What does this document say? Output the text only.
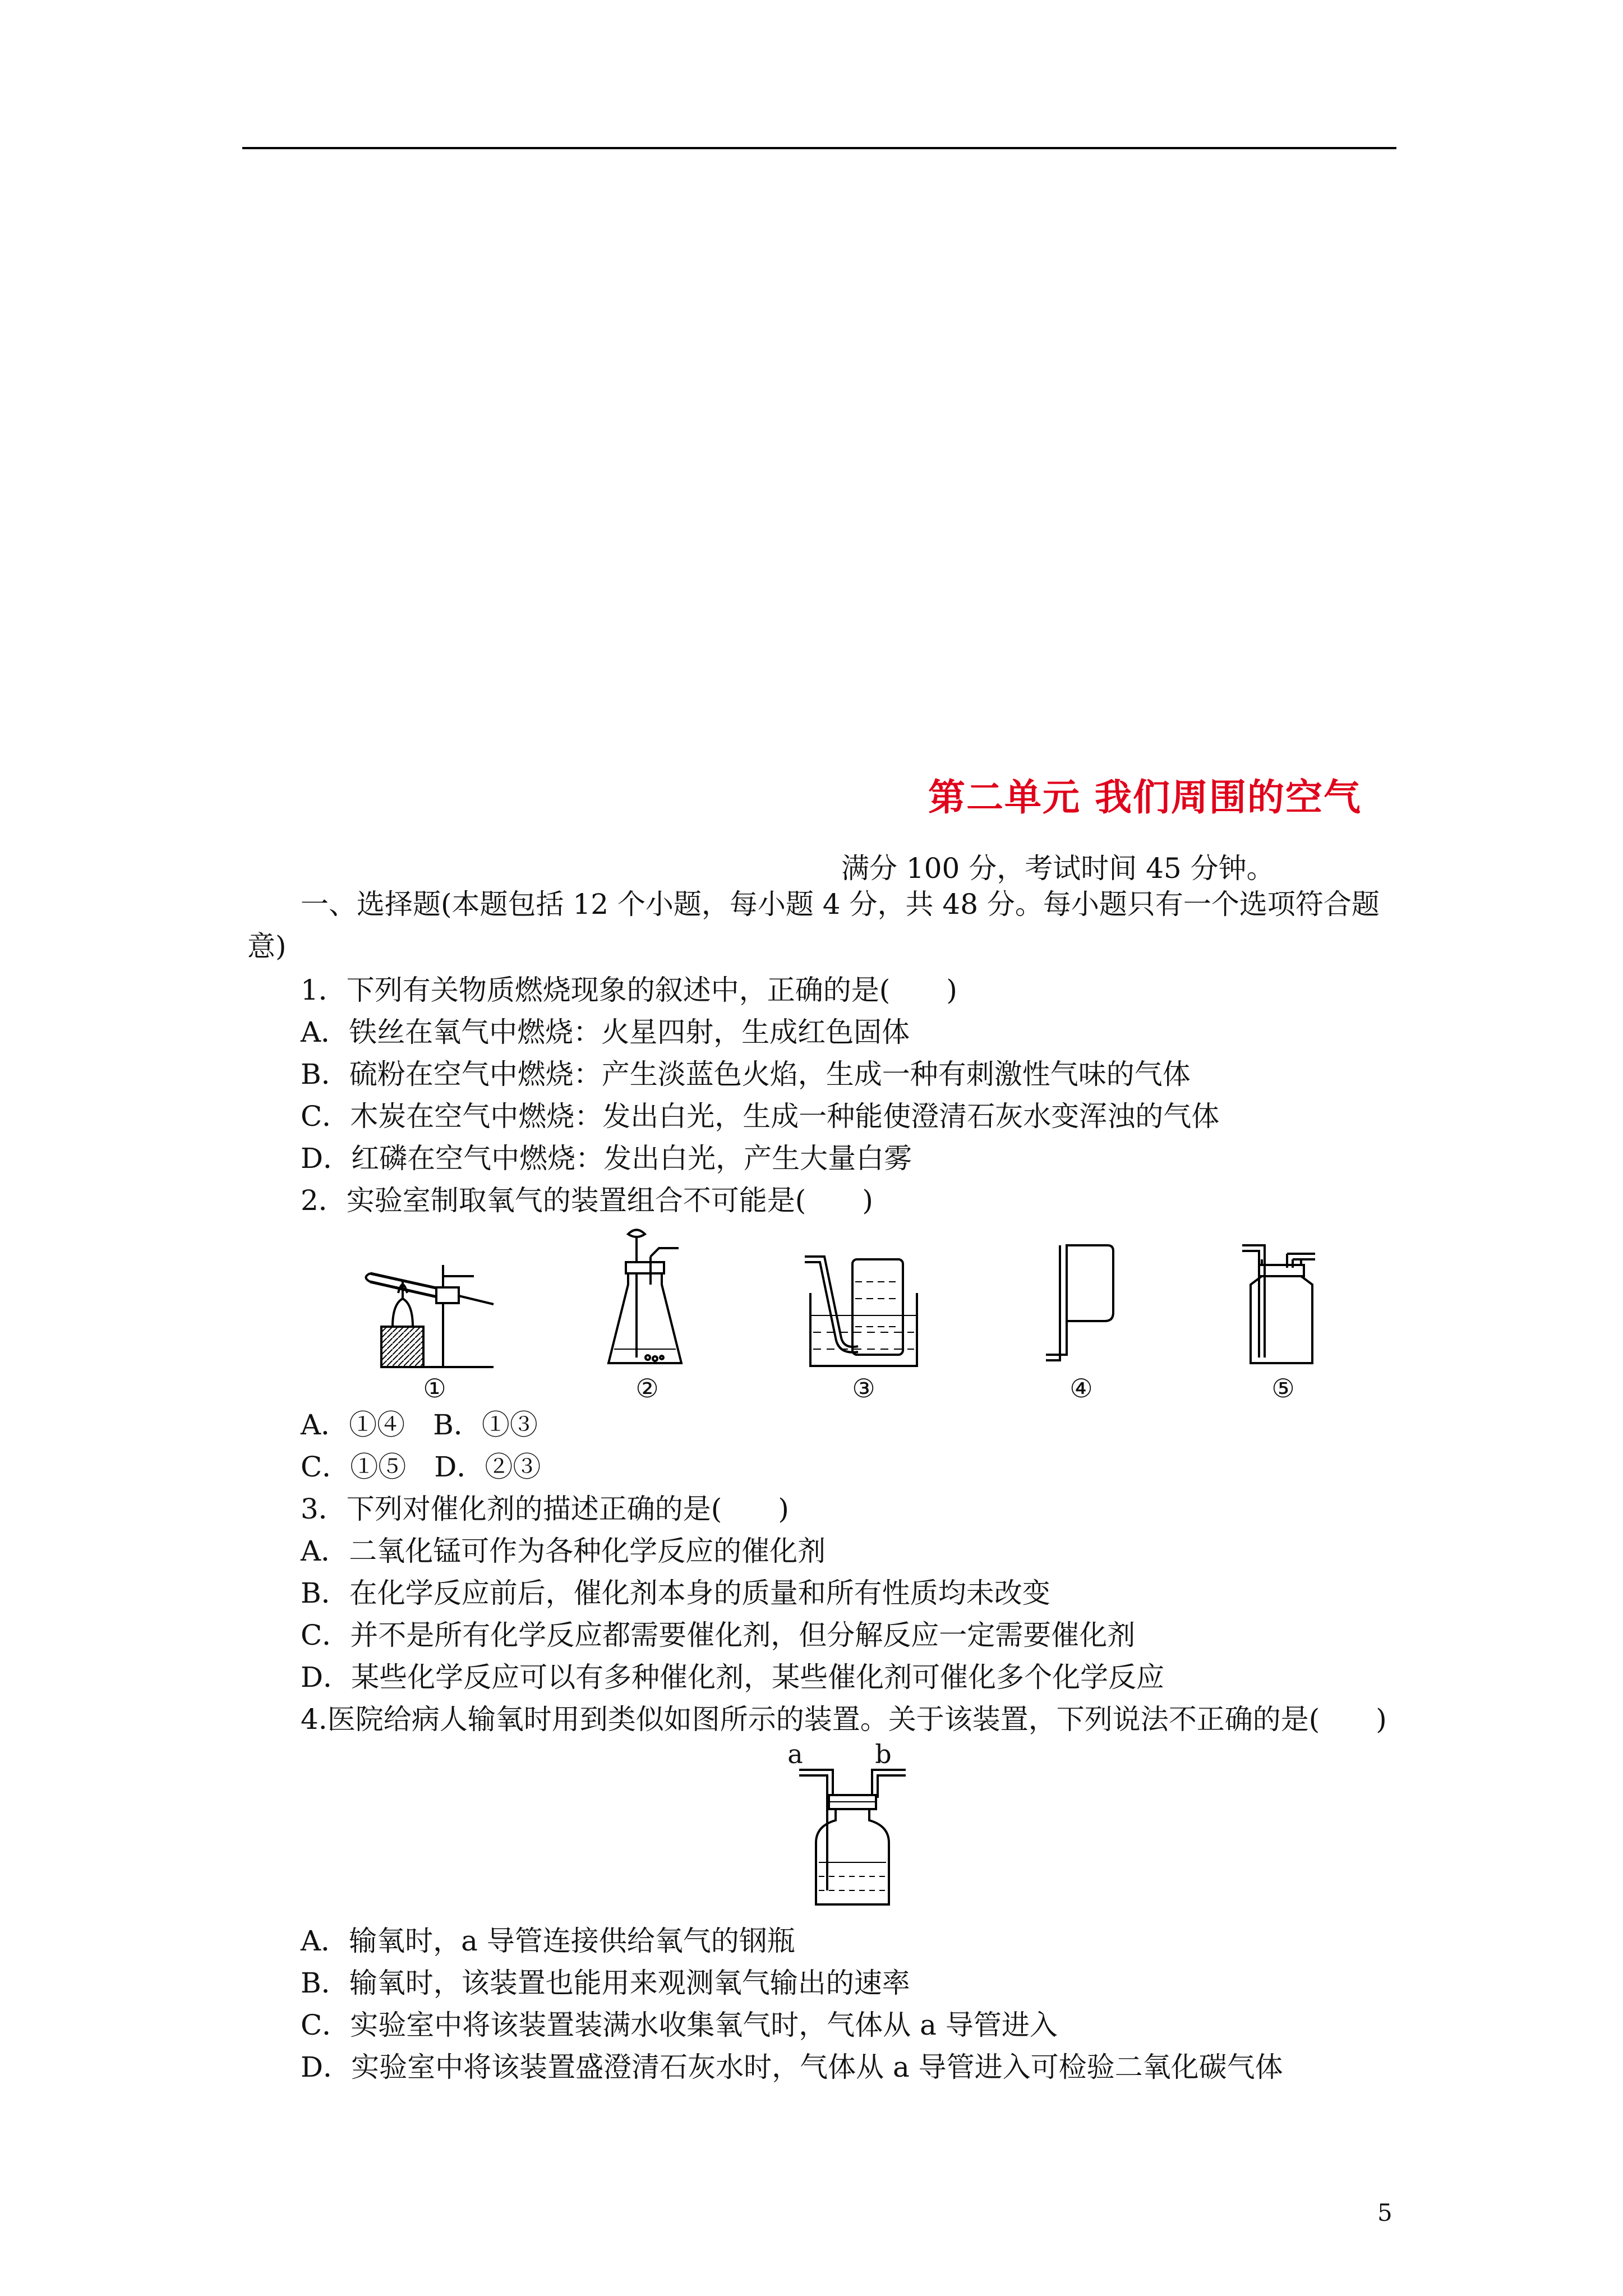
第二单元 我们周围的空气
满分 100 分，考试时间 45 分钟。
一、选择题(本题包括 12 个小题，每小题 4 分，共 48 分。每小题只有一个选项符合题
意)
1．下列有关物质燃烧现象的叙述中，正确的是(　　)
A．铁丝在氧气中燃烧：火星四射，生成红色固体
B．硫粉在空气中燃烧：产生淡蓝色火焰，生成一种有刺激性气味的气体
C．木炭在空气中燃烧：发出白光，生成一种能使澄清石灰水变浑浊的气体
D．红磷在空气中燃烧：发出白光，产生大量白雾
2．实验室制取氧气的装置组合不可能是(　　)
①	②	③	④	⑤
A．①④　B．①③
C．①⑤　D．②③
3．下列对催化剂的描述正确的是(　　)
A．二氧化锰可作为各种化学反应的催化剂
B．在化学反应前后，催化剂本身的质量和所有性质均未改变
C．并不是所有化学反应都需要催化剂，但分解反应一定需要催化剂
D．某些化学反应可以有多种催化剂，某些催化剂可催化多个化学反应
4.医院给病人输氧时用到类似如图所示的装置。关于该装置，下列说法不正确的是(　　)
a	b
A．输氧时，a 导管连接供给氧气的钢瓶
B．输氧时，该装置也能用来观测氧气输出的速率
C．实验室中将该装置装满水收集氧气时，气体从 a 导管进入
D．实验室中将该装置盛澄清石灰水时，气体从 a 导管进入可检验二氧化碳气体
5
